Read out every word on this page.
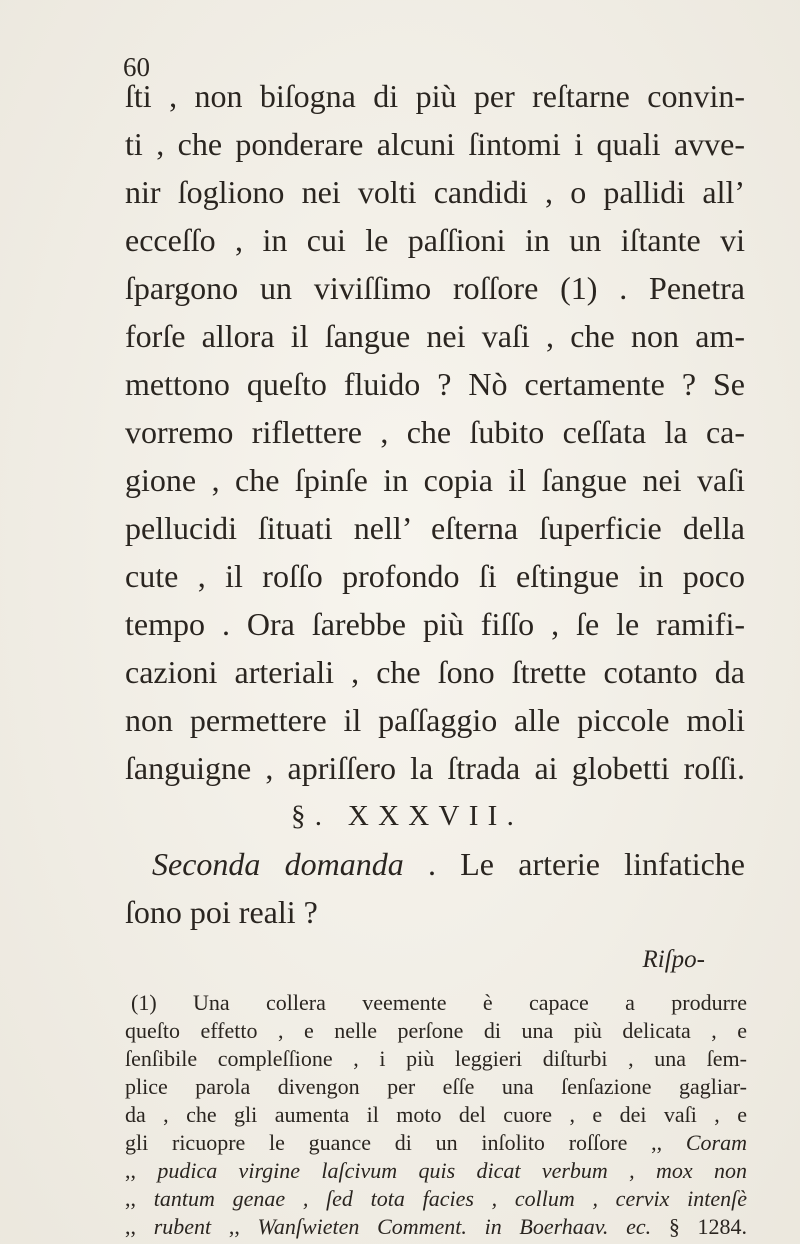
60
ſti , non biſogna di più per reſtarne convin-
ti , che ponderare alcuni ſintomi i quali avve-
nir ſogliono nei volti candidi , o pallidi all’
ecceſſo , in cui le paſſioni in un iſtante vi
ſpargono un viviſſimo roſſore (1) . Penetra
forſe allora il ſangue nei vaſi , che non am-
mettono queſto fluido ? Nò certamente ? Se
vorremo riflettere , che ſubito ceſſata la ca-
gione , che ſpinſe in copia il ſangue nei vaſi
pellucidi ſituati nell’ eſterna ſuperficie della
cute , il roſſo profondo ſi eſtingue in poco
tempo . Ora ſarebbe più fiſſo , ſe le ramifi-
cazioni arteriali , che ſono ſtrette cotanto da
non permettere il paſſaggio alle piccole moli
ſanguigne , apriſſero la ſtrada ai globetti roſſi.
§. XXXVII.
Seconda domanda . Le arterie linfatiche
ſono poi reali ?
Riſpo-
(1) Una collera veemente è capace a produrre
queſto effetto , e nelle perſone di una più delicata , e
ſenſibile compleſſione , i più leggieri diſturbi , una ſem-
plice parola divengon per eſſe una ſenſazione gagliar-
da , che gli aumenta il moto del cuore , e dei vaſi , e
gli ricuopre le guance di un inſolito roſſore ,, Coram
,, pudica virgine laſcivum quis dicat verbum , mox non
,, tantum genae , ſed tota facies , collum , cervix intenſè
,, rubent ,, Wanſwieten Comment. in Boerhaav. ec. § 1284.
